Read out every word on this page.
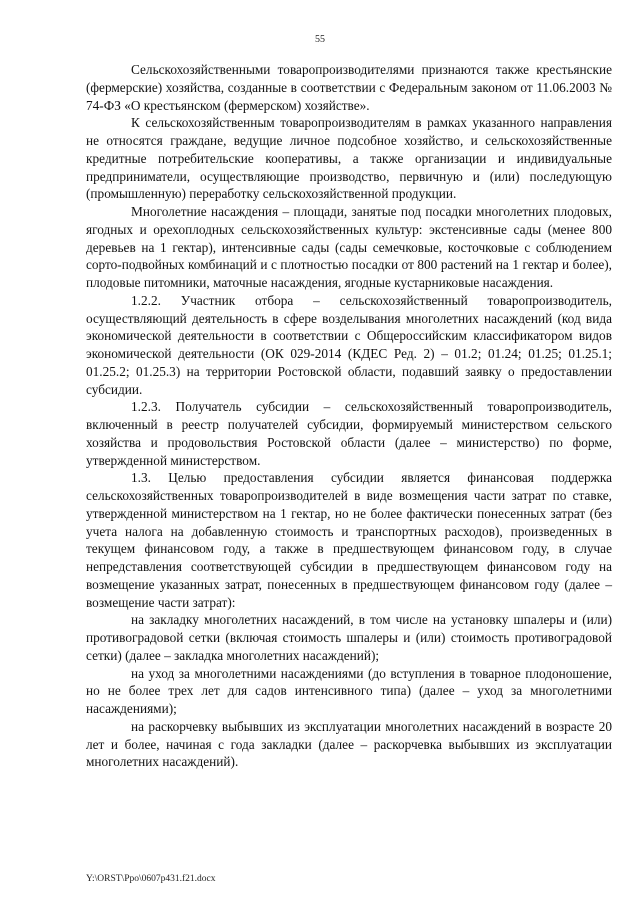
55

Сельскохозяйственными товаропроизводителями признаются также крестьянские (фермерские) хозяйства, созданные в соответствии с Федеральным законом от 11.06.2003 № 74-ФЗ «О крестьянском (фермерском) хозяйстве».

К сельскохозяйственным товаропроизводителям в рамках указанного направления не относятся граждане, ведущие личное подсобное хозяйство, и сельскохозяйственные кредитные потребительские кооперативы, а также организации и индивидуальные предприниматели, осуществляющие производство, первичную и (или) последующую (промышленную) переработку сельскохозяйственной продукции.

Многолетние насаждения – площади, занятые под посадки многолетних плодовых, ягодных и орехоплодных сельскохозяйственных культур: экстенсивные сады (менее 800 деревьев на 1 гектар), интенсивные сады (сады семечковые, косточковые с соблюдением сорто-подвойных комбинаций и с плотностью посадки от 800 растений на 1 гектар и более), плодовые питомники, маточные насаждения, ягодные кустарниковые насаждения.

1.2.2. Участник отбора – сельскохозяйственный товаропроизводитель, осуществляющий деятельность в сфере возделывания многолетних насаждений (код вида экономической деятельности в соответствии с Общероссийским классификатором видов экономической деятельности (ОК 029-2014 (КДЕС Ред. 2) – 01.2; 01.24; 01.25; 01.25.1; 01.25.2; 01.25.3) на территории Ростовской области, подавший заявку о предоставлении субсидии.

1.2.3. Получатель субсидии – сельскохозяйственный товаропроизводитель, включенный в реестр получателей субсидии, формируемый министерством сельского хозяйства и продовольствия Ростовской области (далее – министерство) по форме, утвержденной министерством.

1.3. Целью предоставления субсидии является финансовая поддержка сельскохозяйственных товаропроизводителей в виде возмещения части затрат по ставке, утвержденной министерством на 1 гектар, но не более фактически понесенных затрат (без учета налога на добавленную стоимость и транспортных расходов), произведенных в текущем финансовом году, а также в предшествующем финансовом году, в случае непредставления соответствующей субсидии в предшествующем финансовом году на возмещение указанных затрат, понесенных в предшествующем финансовом году (далее – возмещение части затрат):

на закладку многолетних насаждений, в том числе на установку шпалеры и (или) противоградовой сетки (включая стоимость шпалеры и (или) стоимость противоградовой сетки) (далее – закладка многолетних насаждений);

на уход за многолетними насаждениями (до вступления в товарное плодоношение, но не более трех лет для садов интенсивного типа) (далее – уход за многолетними насаждениями);

на раскорчевку выбывших из эксплуатации многолетних насаждений в возрасте 20 лет и более, начиная с года закладки (далее – раскорчевка выбывших из эксплуатации многолетних насаждений).

Y:\ORST\Ppo\0607p431.f21.docx
